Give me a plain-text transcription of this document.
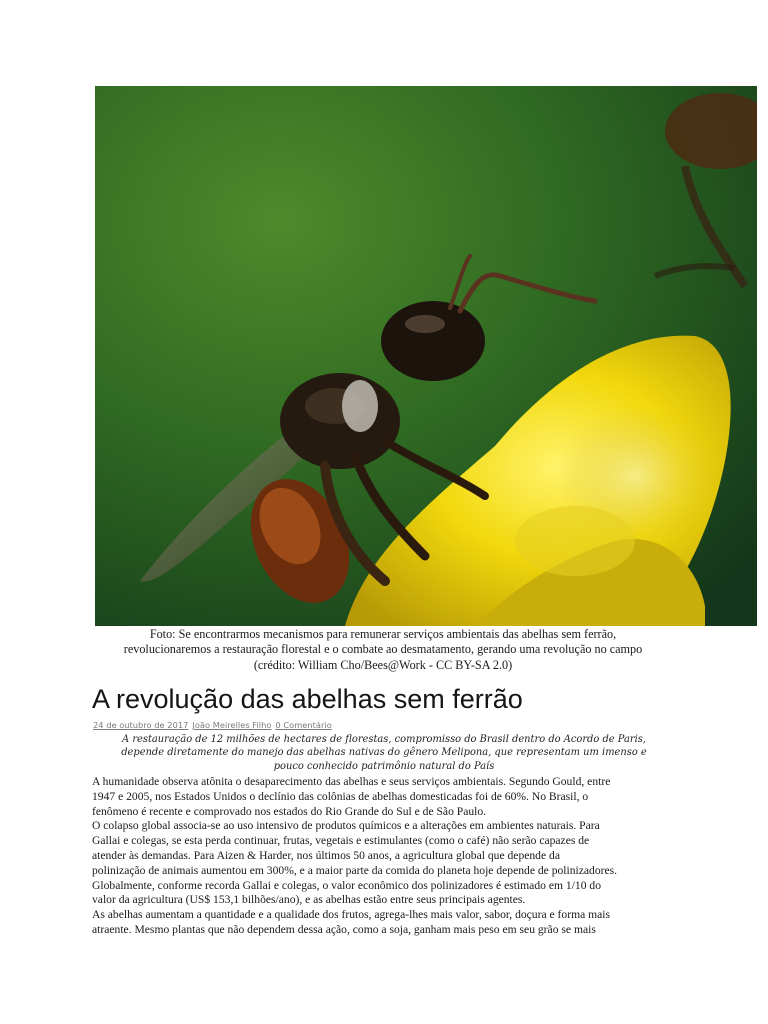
Foto: Se encontrarmos mecanismos para remunerar serviços ambientais das abelhas sem ferrão,
revolucionaremos a restauração florestal e o combate ao desmatamento, gerando uma revolução no campo
(crédito: William Cho/Bees@Work - CC BY-SA 2.0)
A revolução das abelhas sem ferrão
24 de outubro de 2017 João Meirelles Filho 0 Comentário
A restauração de 12 milhões de hectares de florestas, compromisso do Brasil dentro do Acordo de Paris,
depende diretamente do manejo das abelhas nativas do gênero Melipona, que representam um imenso e
pouco conhecido patrimônio natural do País
A humanidade observa atônita o desaparecimento das abelhas e seus serviços ambientais. Segundo Gould, entre
1947 e 2005, nos Estados Unidos o declínio das colônias de abelhas domesticadas foi de 60%. No Brasil, o
fenômeno é recente e comprovado nos estados do Rio Grande do Sul e de São Paulo.
O colapso global associa-se ao uso intensivo de produtos químicos e a alterações em ambientes naturais. Para
Gallai e colegas, se esta perda continuar, frutas, vegetais e estimulantes (como o café) não serão capazes de
atender às demandas. Para Aizen & Harder, nos últimos 50 anos, a agricultura global que depende da
polinização de animais aumentou em 300%, e a maior parte da comida do planeta hoje depende de polinizadores.
Globalmente, conforme recorda Gallai e colegas, o valor econômico dos polinizadores é estimado em 1/10 do
valor da agricultura (US$ 153,1 bilhões/ano), e as abelhas estão entre seus principais agentes.
As abelhas aumentam a quantidade e a qualidade dos frutos, agrega-lhes mais valor, sabor, doçura e forma mais
atraente. Mesmo plantas que não dependem dessa ação, como a soja, ganham mais peso em seu grão se mais
